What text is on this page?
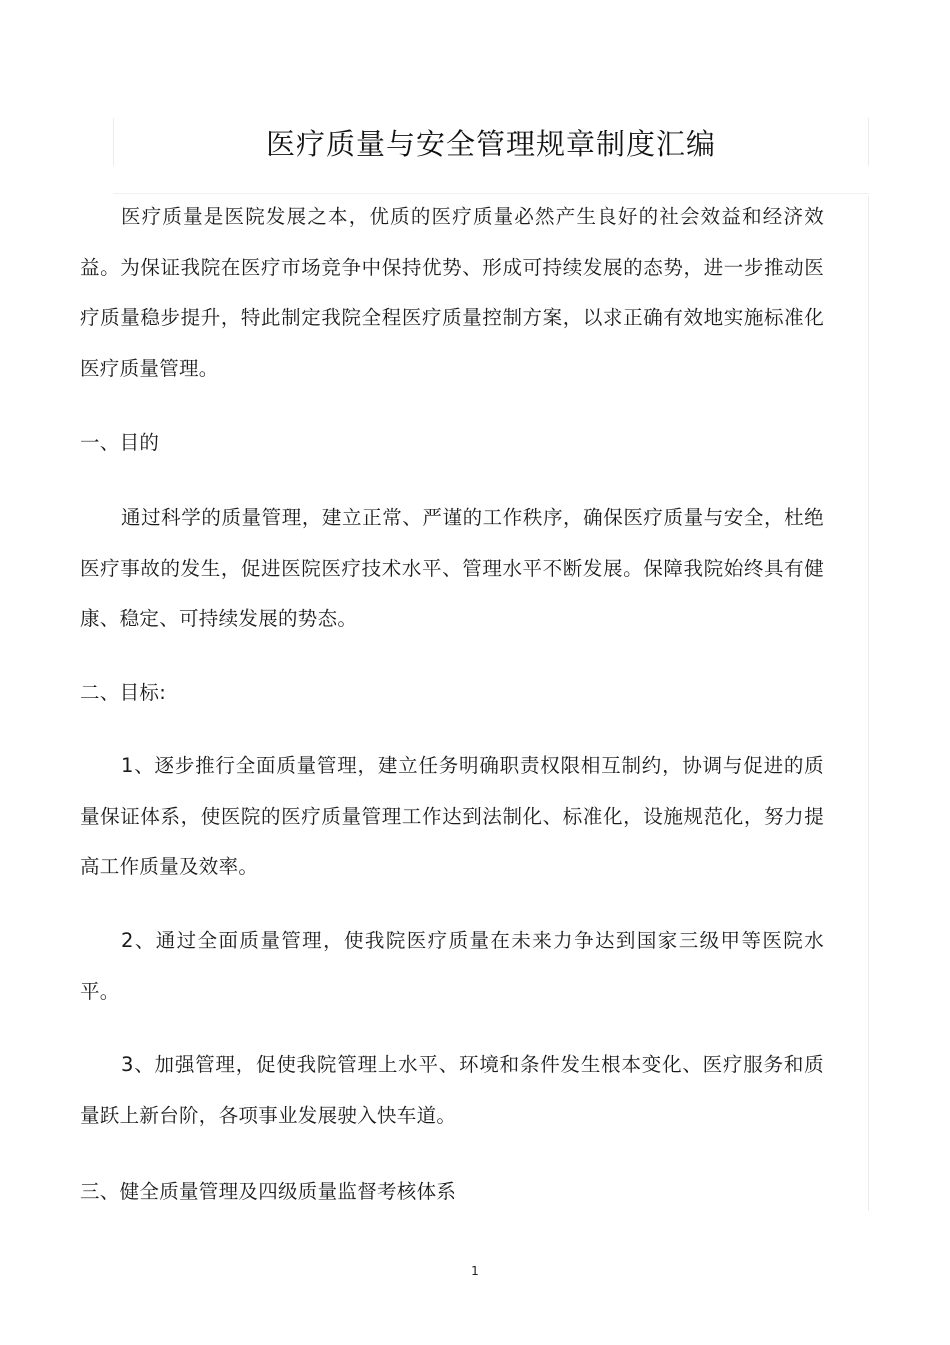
医疗质量与安全管理规章制度汇编
医疗质量是医院发展之本，优质的医疗质量必然产生良好的社会效益和经济效益。为保证我院在医疗市场竞争中保持优势、形成可持续发展的态势，进一步推动医疗质量稳步提升，特此制定我院全程医疗质量控制方案，以求正确有效地实施标准化医疗质量管理。
一、目的
通过科学的质量管理，建立正常、严谨的工作秩序，确保医疗质量与安全，杜绝医疗事故的发生，促进医院医疗技术水平、管理水平不断发展。保障我院始终具有健康、稳定、可持续发展的势态。
二、目标:
1、逐步推行全面质量管理，建立任务明确职责权限相互制约，协调与促进的质量保证体系，使医院的医疗质量管理工作达到法制化、标准化，设施规范化，努力提高工作质量及效率。
2、通过全面质量管理，使我院医疗质量在未来力争达到国家三级甲等医院水平。
3、加强管理，促使我院管理上水平、环境和条件发生根本变化、医疗服务和质量跃上新台阶，各项事业发展驶入快车道。
三、健全质量管理及四级质量监督考核体系
1
